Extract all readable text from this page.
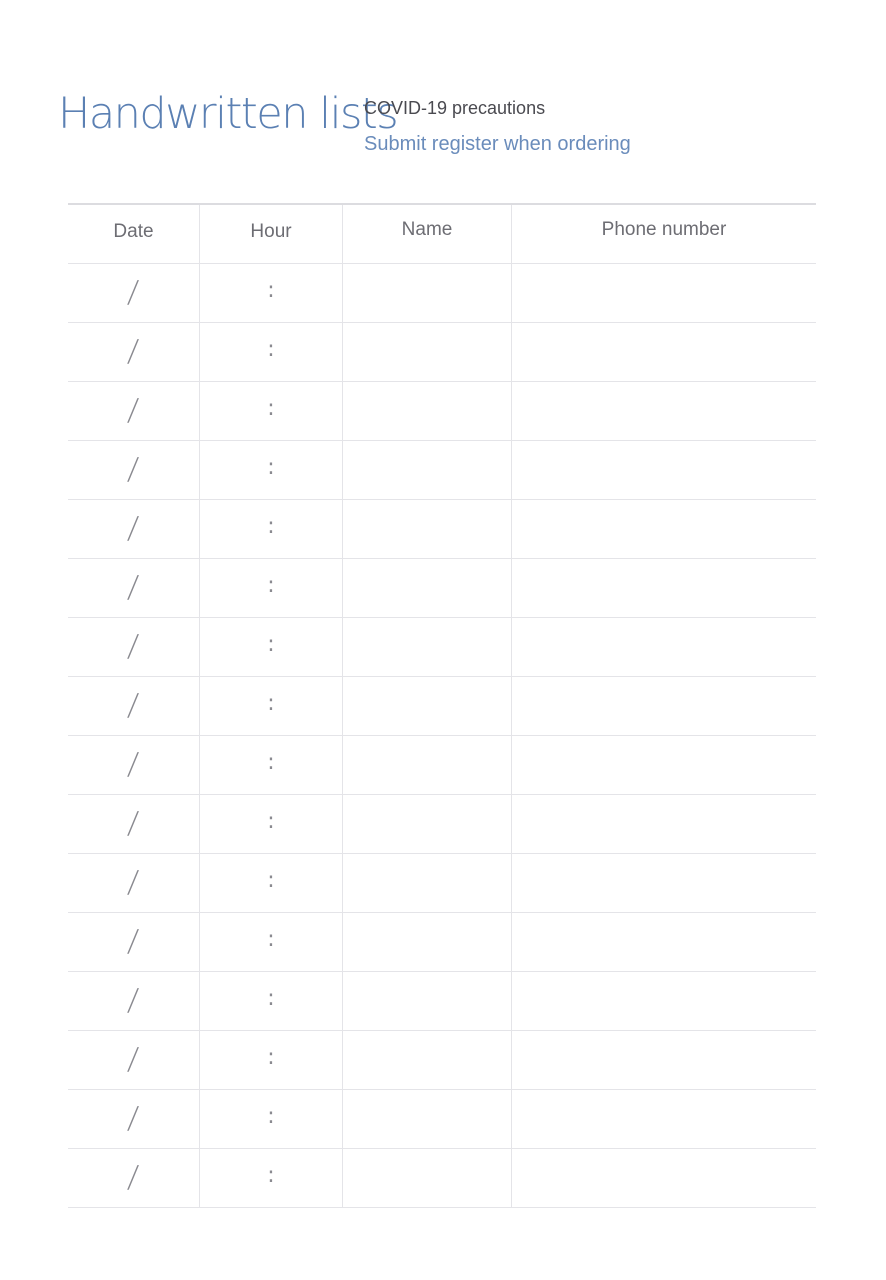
Handwritten lists
COVID-19 precautions
Submit register when ordering
Date	Hour	Name	Phone number
/	:
/	:
/	:
/	:
/	:
/	:
/	:
/	:
/	:
/	:
/	:
/	:
/	:
/	:
/	:
/	:
